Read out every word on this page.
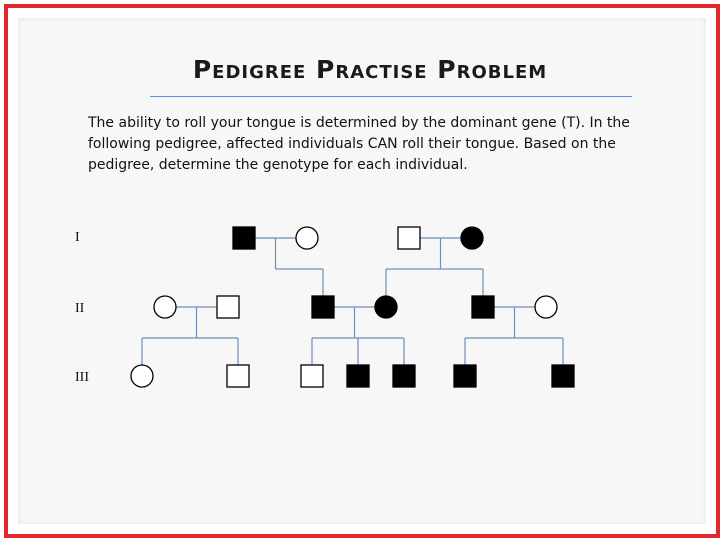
Pedigree Practise Problem
The ability to roll your tongue is determined by the dominant gene (T). In the following pedigree, affected individuals CAN roll their tongue. Based on the pedigree, determine the genotype for each individual.
I
II
III
